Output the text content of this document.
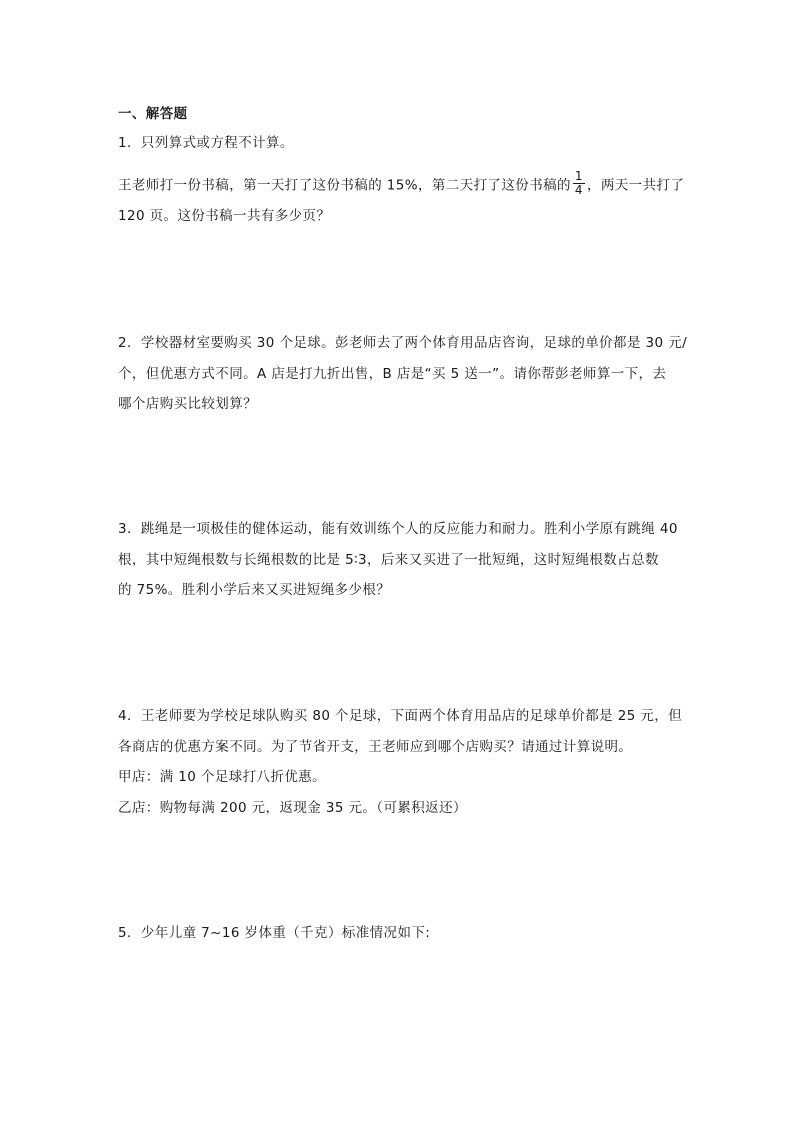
一、解答题
1．只列算式或方程不计算。
王老师打一份书稿，第一天打了这份书稿的 15%，第二天打了这份书稿的 $\frac{1}{4}$ ，两天一共打了
120 页。这份书稿一共有多少页？
2．学校器材室要购买 30 个足球。彭老师去了两个体育用品店咨询，足球的单价都是 30 元/
个，但优惠方式不同。A 店是打九折出售，B 店是“买 5 送一”。请你帮彭老师算一下，去
哪个店购买比较划算？
3．跳绳是一项极佳的健体运动，能有效训练个人的反应能力和耐力。胜利小学原有跳绳 40
根，其中短绳根数与长绳根数的比是 5∶3，后来又买进了一批短绳，这时短绳根数占总数
的 75%。胜利小学后来又买进短绳多少根？
4．王老师要为学校足球队购买 80 个足球，下面两个体育用品店的足球单价都是 25 元，但
各商店的优惠方案不同。为了节省开支，王老师应到哪个店购买？请通过计算说明。
甲店：满 10 个足球打八折优惠。
乙店：购物每满 200 元，返现金 35 元。（可累积返还）
5．少年儿童 7~16 岁体重（千克）标准情况如下:
